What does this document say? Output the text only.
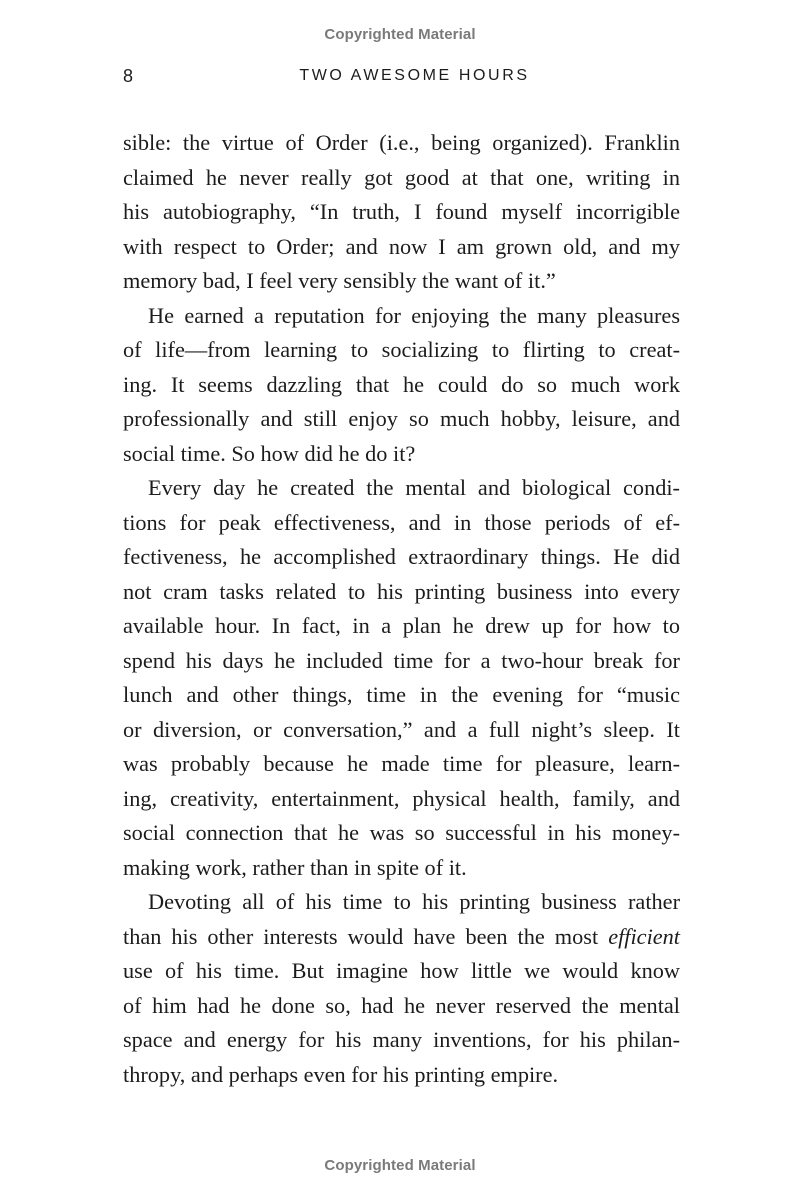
Copyrighted Material
8	TWO AWESOME HOURS

sible: the virtue of Order (i.e., being organized). Franklin
claimed he never really got good at that one, writing in
his autobiography, “In truth, I found myself incorrigible
with respect to Order; and now I am grown old, and my
memory bad, I feel very sensibly the want of it.”

He earned a reputation for enjoying the many pleasures
of life—from learning to socializing to flirting to creat-
ing. It seems dazzling that he could do so much work
professionally and still enjoy so much hobby, leisure, and
social time. So how did he do it?

Every day he created the mental and biological condi-
tions for peak effectiveness, and in those periods of ef-
fectiveness, he accomplished extraordinary things. He did
not cram tasks related to his printing business into every
available hour. In fact, in a plan he drew up for how to
spend his days he included time for a two-hour break for
lunch and other things, time in the evening for “music
or diversion, or conversation,” and a full night’s sleep. It
was probably because he made time for pleasure, learn-
ing, creativity, entertainment, physical health, family, and
social connection that he was so successful in his money-
making work, rather than in spite of it.

Devoting all of his time to his printing business rather
than his other interests would have been the most efficient
use of his time. But imagine how little we would know
of him had he done so, had he never reserved the mental
space and energy for his many inventions, for his philan-
thropy, and perhaps even for his printing empire.

Copyrighted Material
